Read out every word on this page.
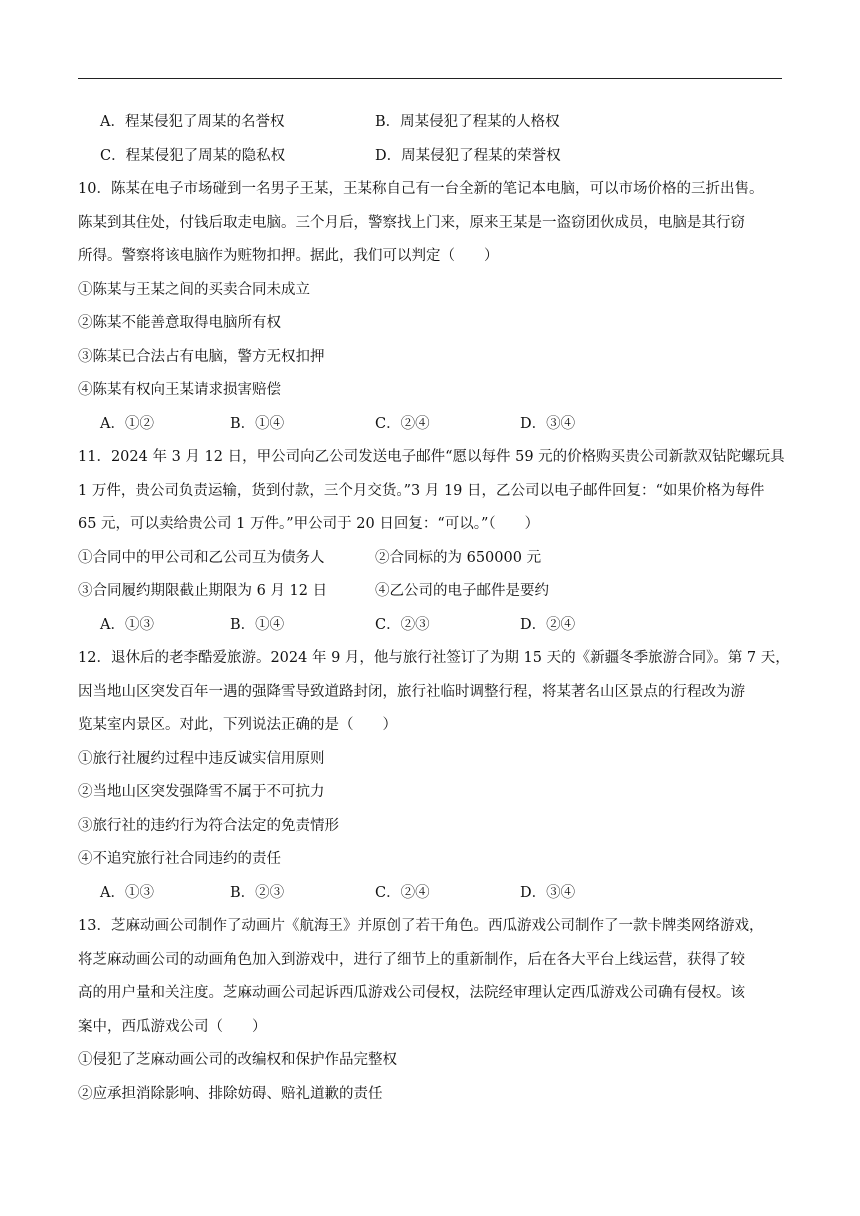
A．程某侵犯了周某的名誉权	B．周某侵犯了程某的人格权
C．程某侵犯了周某的隐私权	D．周某侵犯了程某的荣誉权
10．陈某在电子市场碰到一名男子王某，王某称自己有一台全新的笔记本电脑，可以市场价格的三折出售。
陈某到其住处，付钱后取走电脑。三个月后，警察找上门来，原来王某是一盗窃团伙成员，电脑是其行窃
所得。警察将该电脑作为赃物扣押。据此，我们可以判定（　　）
①陈某与王某之间的买卖合同未成立
②陈某不能善意取得电脑所有权
③陈某已合法占有电脑，警方无权扣押
④陈某有权向王某请求损害赔偿
A．①②	B．①④	C．②④	D．③④
11．2024 年 3 月 12 日，甲公司向乙公司发送电子邮件“愿以每件 59 元的价格购买贵公司新款双钻陀螺玩具
1 万件，贵公司负责运输，货到付款，三个月交货。”3 月 19 日，乙公司以电子邮件回复：“如果价格为每件
65 元，可以卖给贵公司 1 万件。”甲公司于 20 日回复：“可以。”（　　）
①合同中的甲公司和乙公司互为债务人	②合同标的为 650000 元
③合同履约期限截止期限为 6 月 12 日	④乙公司的电子邮件是要约
A．①③	B．①④	C．②③	D．②④
12．退休后的老李酷爱旅游。2024 年 9 月，他与旅行社签订了为期 15 天的《新疆冬季旅游合同》。第 7 天，
因当地山区突发百年一遇的强降雪导致道路封闭，旅行社临时调整行程，将某著名山区景点的行程改为游
览某室内景区。对此，下列说法正确的是（　　）
①旅行社履约过程中违反诚实信用原则
②当地山区突发强降雪不属于不可抗力
③旅行社的违约行为符合法定的免责情形
④不追究旅行社合同违约的责任
A．①③	B．②③	C．②④	D．③④
13．芝麻动画公司制作了动画片《航海王》并原创了若干角色。西瓜游戏公司制作了一款卡牌类网络游戏，
将芝麻动画公司的动画角色加入到游戏中，进行了细节上的重新制作，后在各大平台上线运营，获得了较
高的用户量和关注度。芝麻动画公司起诉西瓜游戏公司侵权，法院经审理认定西瓜游戏公司确有侵权。该
案中，西瓜游戏公司（　　）
①侵犯了芝麻动画公司的改编权和保护作品完整权
②应承担消除影响、排除妨碍、赔礼道歉的责任
